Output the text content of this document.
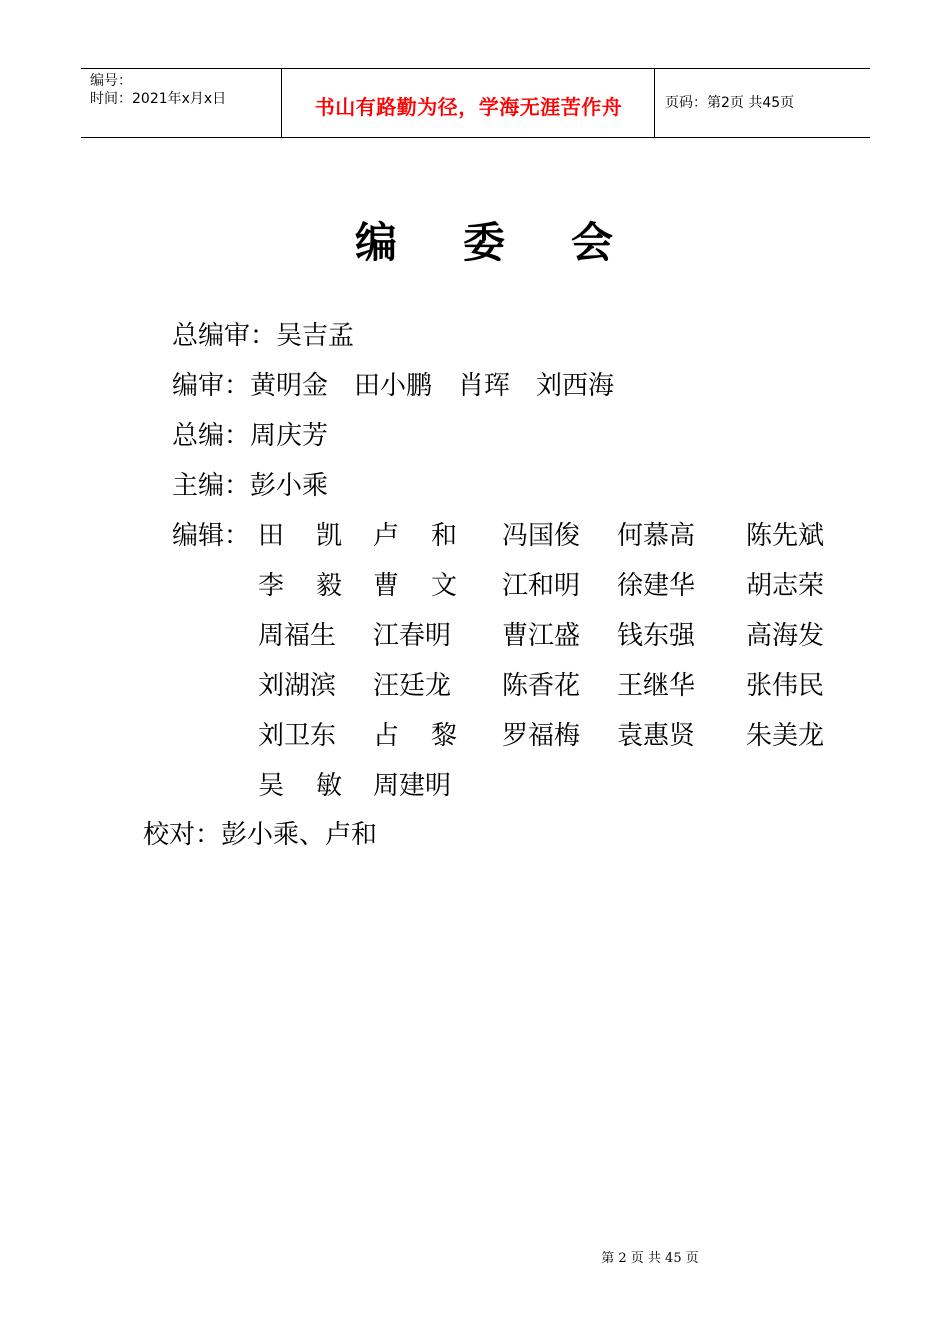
编号：
时间：2021年x月x日	书山有路勤为径，学海无涯苦作舟	页码：第2页 共45页
编委会
总编审：吴吉孟
编审：黄明金　田小鹏　肖珲　刘西海
总编：周庆芳
主编：彭小乘
编辑： 田凯
卢和 冯国俊 何慕高 陈先斌
李毅
曹文 江和明 徐建华 胡志荣
周福生 江春明 曹江盛 钱东强 高海发
刘湖滨 汪廷龙 陈香花 王继华 张伟民
刘卫东 占黎 罗福梅 袁惠贤 朱美龙
吴敏
周建明
校对：彭小乘、卢和
第 2 页 共 45 页
